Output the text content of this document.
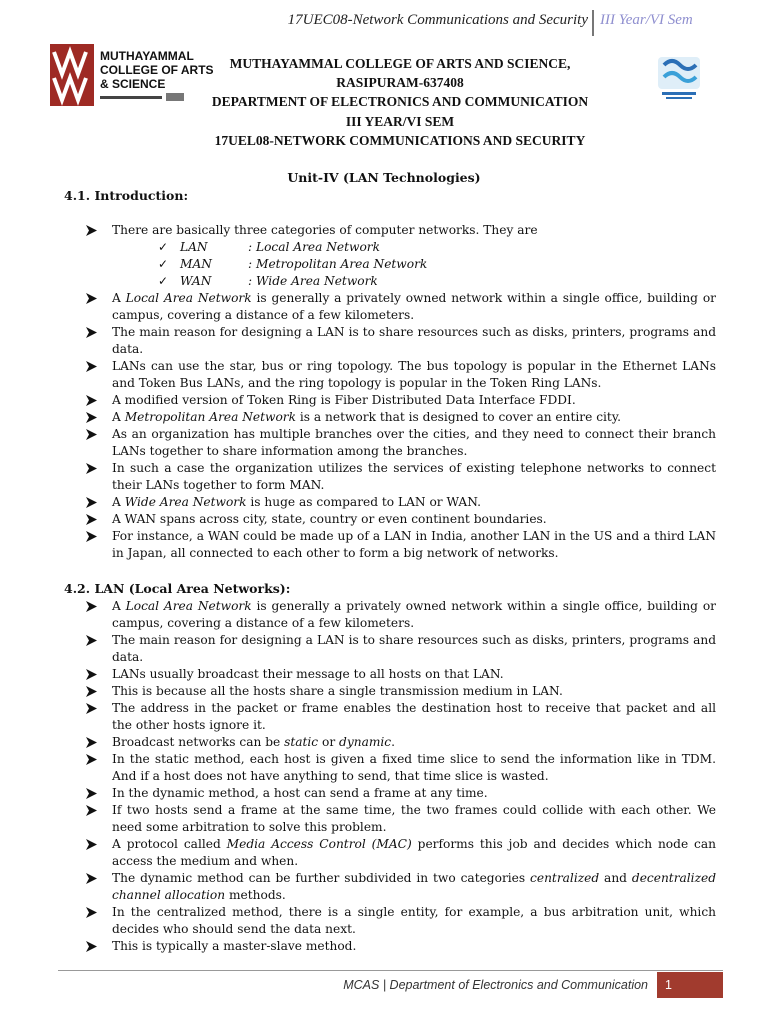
17UEC08-Network Communications and Security III Year/VI Sem
MUTHAYAMMAL
COLLEGE OF ARTS
& SCIENCE
MUTHAYAMMAL COLLEGE OF ARTS AND SCIENCE,
RASIPURAM-637408
DEPARTMENT OF ELECTRONICS AND COMMUNICATION
III YEAR/VI SEM
17UEL08-NETWORK COMMUNICATIONS AND SECURITY
Unit-IV (LAN Technologies)
4.1. Introduction:
There are basically three categories of computer networks. They are
✓ LAN	: Local Area Network
✓ MAN	: Metropolitan Area Network
✓ WAN	: Wide Area Network
A Local Area Network is generally a privately owned network within a single office, building or campus, covering a distance of a few kilometers.
The main reason for designing a LAN is to share resources such as disks, printers, programs and data.
LANs can use the star, bus or ring topology. The bus topology is popular in the Ethernet LANs and Token Bus LANs, and the ring topology is popular in the Token Ring LANs.
A modified version of Token Ring is Fiber Distributed Data Interface FDDI.
A Metropolitan Area Network is a network that is designed to cover an entire city.
As an organization has multiple branches over the cities, and they need to connect their branch LANs together to share information among the branches.
In such a case the organization utilizes the services of existing telephone networks to connect their LANs together to form MAN.
A Wide Area Network is huge as compared to LAN or WAN.
A WAN spans across city, state, country or even continent boundaries.
For instance, a WAN could be made up of a LAN in India, another LAN in the US and a third LAN in Japan, all connected to each other to form a big network of networks.
4.2. LAN (Local Area Networks):
A Local Area Network is generally a privately owned network within a single office, building or campus, covering a distance of a few kilometers.
The main reason for designing a LAN is to share resources such as disks, printers, programs and data.
LANs usually broadcast their message to all hosts on that LAN.
This is because all the hosts share a single transmission medium in LAN.
The address in the packet or frame enables the destination host to receive that packet and all the other hosts ignore it.
Broadcast networks can be static or dynamic.
In the static method, each host is given a fixed time slice to send the information like in TDM. And if a host does not have anything to send, that time slice is wasted.
In the dynamic method, a host can send a frame at any time.
If two hosts send a frame at the same time, the two frames could collide with each other. We need some arbitration to solve this problem.
A protocol called Media Access Control (MAC) performs this job and decides which node can access the medium and when.
The dynamic method can be further subdivided in two categories centralized and decentralized channel allocation methods.
In the centralized method, there is a single entity, for example, a bus arbitration unit, which decides who should send the data next.
This is typically a master-slave method.
MCAS | Department of Electronics and Communication	1
